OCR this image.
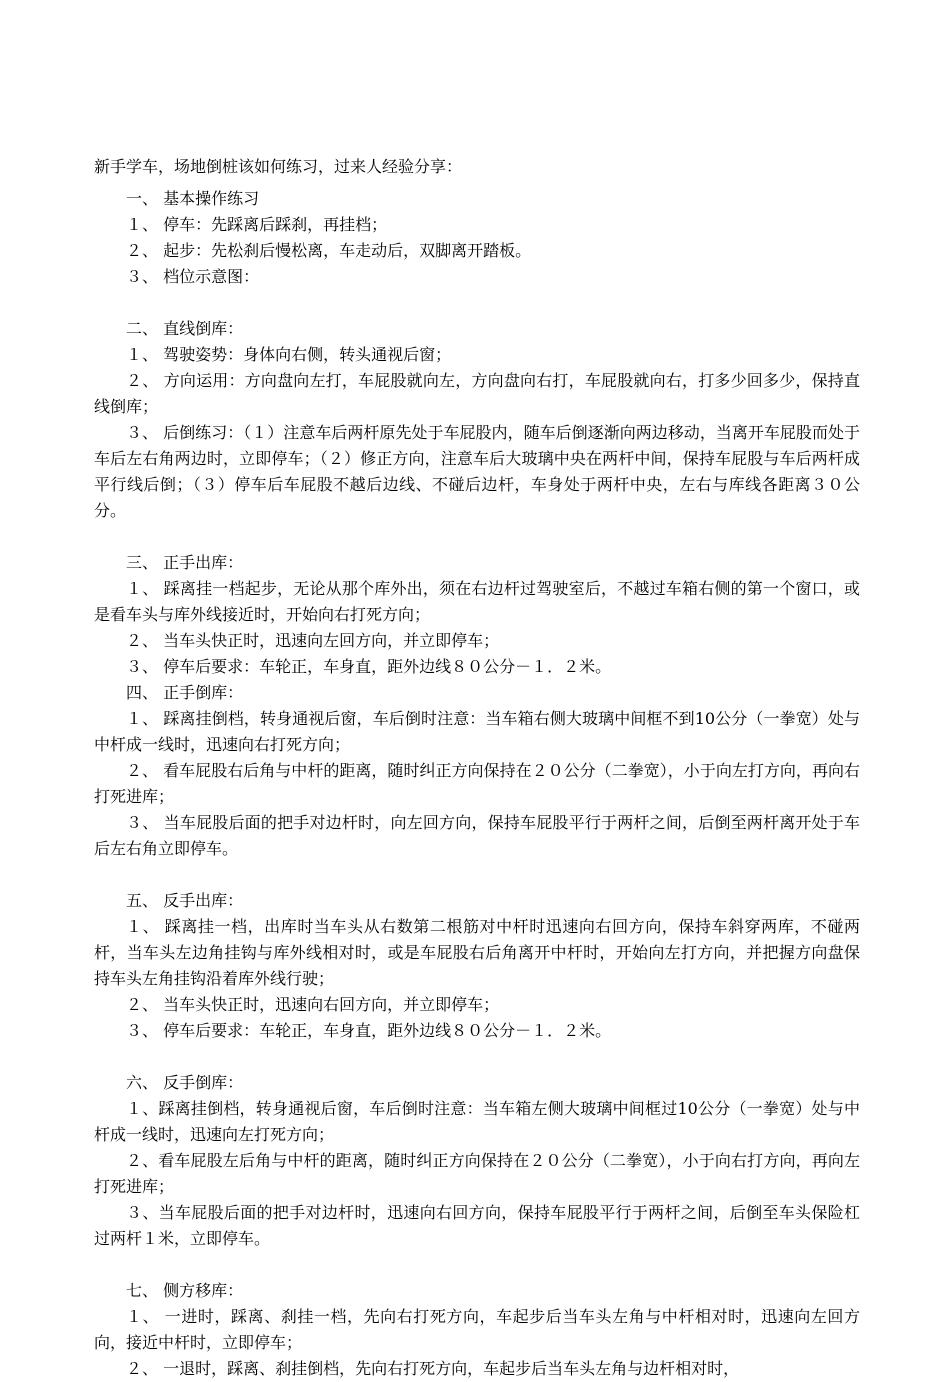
新手学车，场地倒桩该如何练习，过来人经验分享：

一、 基本操作练习

１、 停车：先踩离后踩刹，再挂档；

２、 起步：先松刹后慢松离，车走动后，双脚离开踏板。

３、 档位示意图：

二、 直线倒库：

１、 驾驶姿势：身体向右侧，转头通视后窗；

２、 方向运用：方向盘向左打，车屁股就向左，方向盘向右打，车屁股就向右，打多少回多少，保持直线倒库；

３、 后倒练习：（１）注意车后两杆原先处于车屁股内，随车后倒逐渐向两边移动，当离开车屁股而处于车后左右角两边时，立即停车；（２）修正方向，注意车后大玻璃中央在两杆中间，保持车屁股与车后两杆成平行线后倒；（３）停车后车屁股不越后边线、不碰后边杆，车身处于两杆中央，左右与库线各距离３０公分。

三、 正手出库：

１、 踩离挂一档起步，无论从那个库外出，须在右边杆过驾驶室后，不越过车箱右侧的第一个窗口，或是看车头与库外线接近时，开始向右打死方向；

２、 当车头快正时，迅速向左回方向，并立即停车；

３、 停车后要求：车轮正，车身直，距外边线８０公分－１．２米。

四、 正手倒库：

１、 踩离挂倒档，转身通视后窗，车后倒时注意：当车箱右侧大玻璃中间框不到10公分（一拳宽）处与中杆成一线时，迅速向右打死方向；

２、 看车屁股右后角与中杆的距离，随时纠正方向保持在２０公分（二拳宽），小于向左打方向，再向右打死进库；

３、 当车屁股后面的把手对边杆时，向左回方向，保持车屁股平行于两杆之间，后倒至两杆离开处于车后左右角立即停车。

五、 反手出库：

１、 踩离挂一档，出库时当车头从右数第二根筋对中杆时迅速向右回方向，保持车斜穿两库，不碰两杆，当车头左边角挂钩与库外线相对时，或是车屁股右后角离开中杆时，开始向左打方向，并把握方向盘保持车头左角挂钩沿着库外线行驶；

２、 当车头快正时，迅速向右回方向，并立即停车；

３、 停车后要求：车轮正，车身直，距外边线８０公分－１．２米。

六、 反手倒库：

１、踩离挂倒档，转身通视后窗，车后倒时注意：当车箱左侧大玻璃中间框过10公分（一拳宽）处与中杆成一线时，迅速向左打死方向；

２、看车屁股左后角与中杆的距离，随时纠正方向保持在２０公分（二拳宽），小于向右打方向，再向左打死进库；

３、当车屁股后面的把手对边杆时，迅速向右回方向，保持车屁股平行于两杆之间，后倒至车头保险杠过两杆１米，立即停车。

七、 侧方移库：

１、 一进时，踩离、刹挂一档，先向右打死方向，车起步后当车头左角与中杆相对时，迅速向左回方向，接近中杆时，立即停车；

２、 一退时，踩离、刹挂倒档，先向右打死方向，车起步后当车头左角与边杆相对时，
